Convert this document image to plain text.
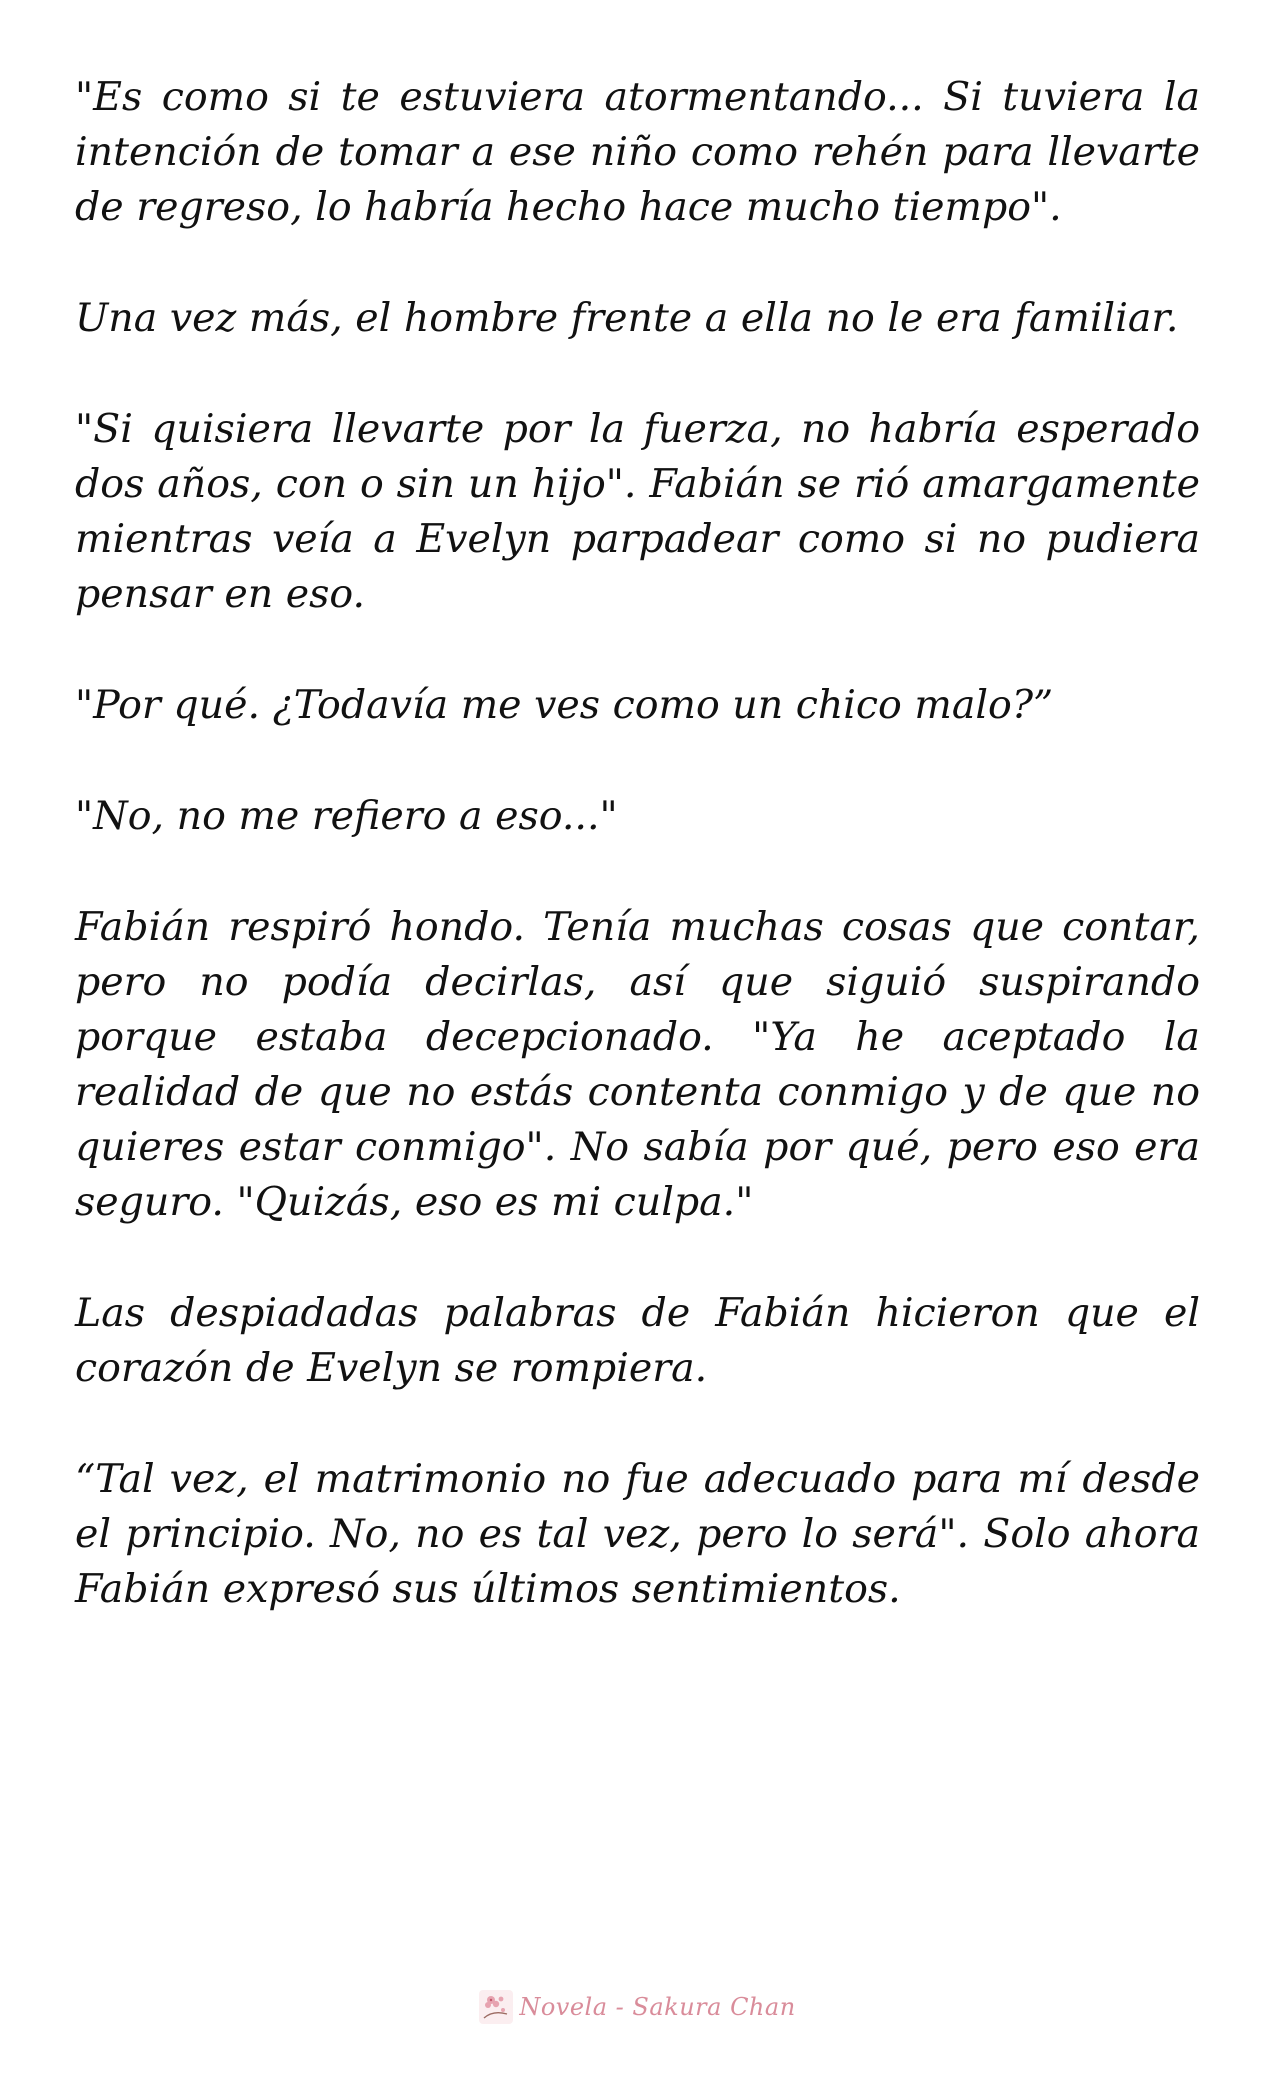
"Es como si te estuviera atormentando... Si tuviera la intención de tomar a ese niño como rehén para llevarte de regreso, lo habría hecho hace mucho tiempo".

Una vez más, el hombre frente a ella no le era familiar.

"Si quisiera llevarte por la fuerza, no habría esperado dos años, con o sin un hijo". Fabián se rió amargamente mientras veía a Evelyn parpadear como si no pudiera pensar en eso.

"Por qué. ¿Todavía me ves como un chico malo?”

"No, no me refiero a eso..."

Fabián respiró hondo. Tenía muchas cosas que contar, pero no podía decirlas, así que siguió suspirando porque estaba decepcionado. "Ya he aceptado la realidad de que no estás contenta conmigo y de que no quieres estar conmigo". No sabía por qué, pero eso era seguro. "Quizás, eso es mi culpa."

Las despiadadas palabras de Fabián hicieron que el corazón de Evelyn se rompiera.

“Tal vez, el matrimonio no fue adecuado para mí desde el principio. No, no es tal vez, pero lo será". Solo ahora Fabián expresó sus últimos sentimientos.

Novela - Sakura Chan
